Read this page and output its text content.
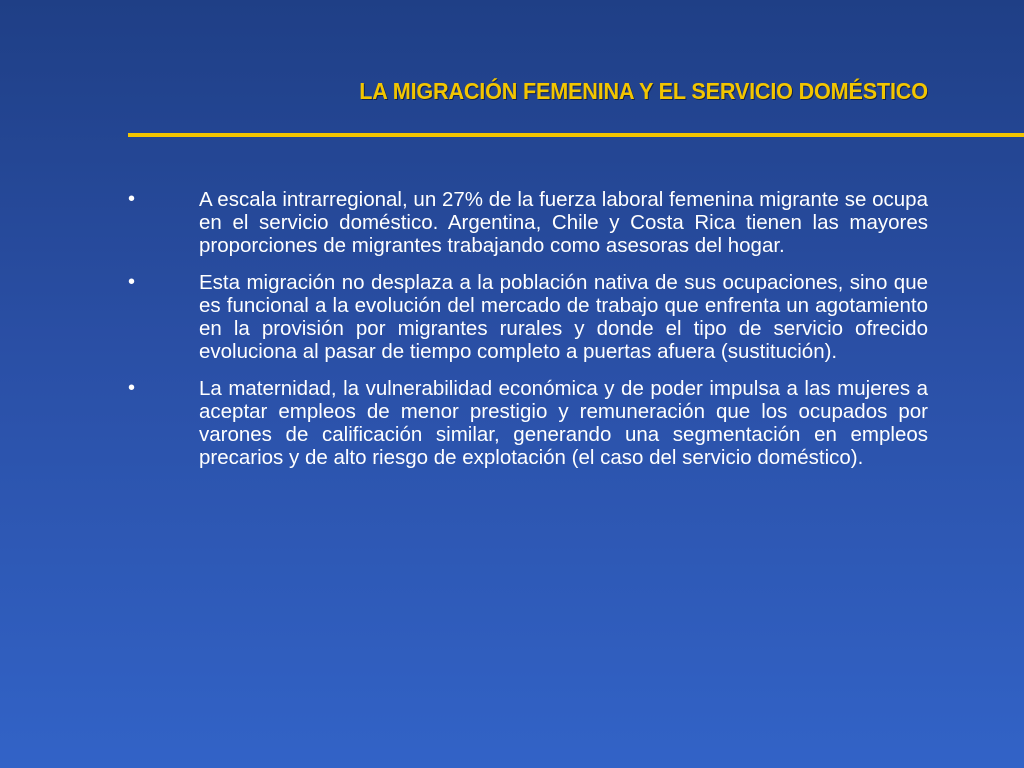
LA MIGRACIÓN FEMENINA Y EL SERVICIO DOMÉSTICO
•	A escala intrarregional, un 27% de la fuerza laboral femenina migrante se ocupa en el servicio doméstico. Argentina, Chile y Costa Rica tienen las mayores proporciones de migrantes trabajando como asesoras del hogar.
•	Esta migración no desplaza a la población nativa de sus ocupaciones, sino que es funcional a la evolución del mercado de trabajo que enfrenta un agotamiento en la provisión por migrantes rurales y donde el tipo de servicio ofrecido evoluciona al pasar de tiempo completo a puertas afuera (sustitución).
•	La maternidad, la vulnerabilidad económica y de poder impulsa a las mujeres a aceptar empleos de menor prestigio y remuneración que los ocupados por varones de calificación similar, generando una segmentación en empleos precarios y de alto riesgo de explotación (el caso del servicio doméstico).
